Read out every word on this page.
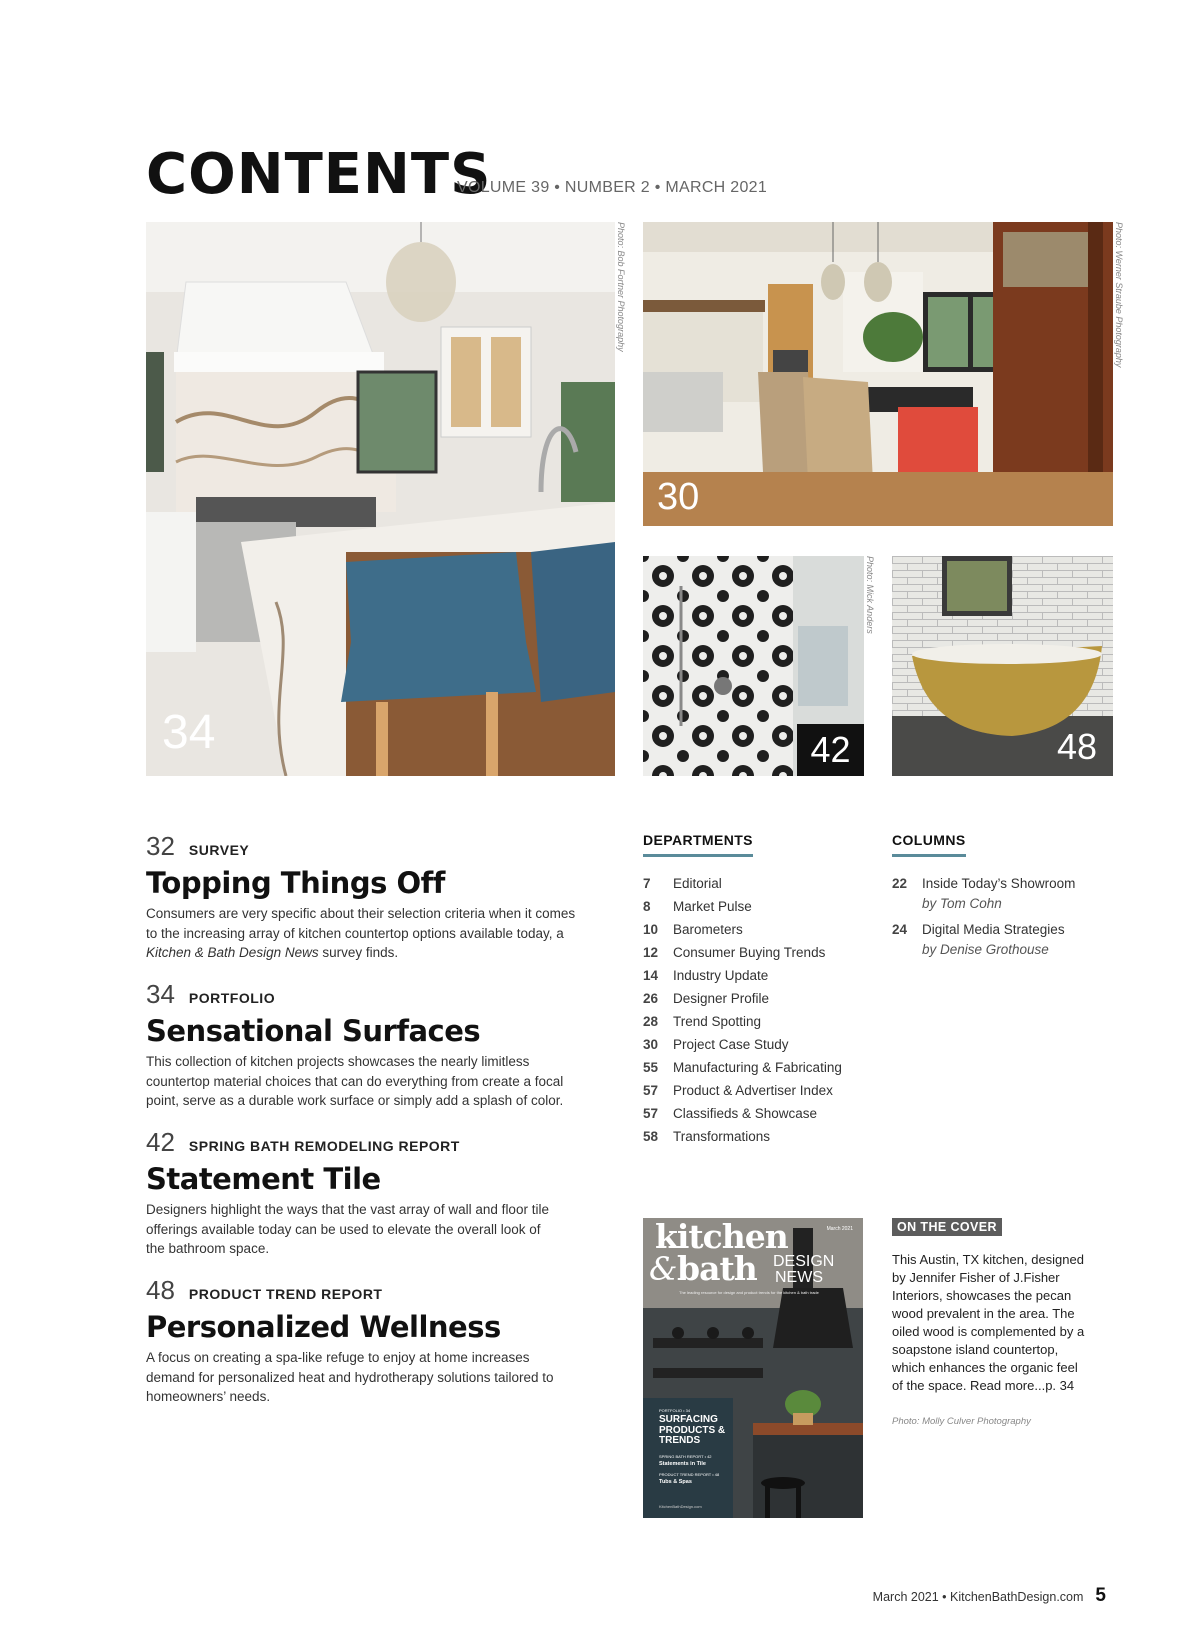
CONTENTS
VOLUME 39 • NUMBER 2 • MARCH 2021
34
Photo: Bob Fortner Photography
30
Photo: Werner Straube Photography
42
Photo: Mick Anders
48
32 SURVEY
Topping Things Off
Consumers are very specific about their selection criteria when it comes to the increasing array of kitchen countertop options available today, a Kitchen & Bath Design News survey finds.
34 PORTFOLIO
Sensational Surfaces
This collection of kitchen projects showcases the nearly limitless countertop material choices that can do everything from create a focal point, serve as a durable work surface or simply add a splash of color.
42 SPRING BATH REMODELING REPORT
Statement Tile
Designers highlight the ways that the vast array of wall and floor tile offerings available today can be used to elevate the overall look of the bathroom space.
48 PRODUCT TREND REPORT
Personalized Wellness
A focus on creating a spa-like refuge to enjoy at home increases demand for personalized heat and hydrotherapy solutions tailored to homeowners’ needs.
DEPARTMENTS
7	Editorial
8	Market Pulse
10	Barometers
12	Consumer Buying Trends
14	Industry Update
26	Designer Profile
28	Trend Spotting
30	Project Case Study
55	Manufacturing & Fabricating
57	Product & Advertiser Index
57	Classifieds & Showcase
58	Transformations
COLUMNS
22	Inside Today’s Showroom
by Tom Cohn
24	Digital Media Strategies
by Denise Grothouse
kitchen
& bath DESIGN
NEWS
March 2021
The leading resource for design and product trends for the kitchen & bath trade
PORTFOLIO • 34
SURFACING PRODUCTS & TRENDS
SPRING BATH REPORT • 42
Statements in Tile
PRODUCT TREND REPORT • 48
Tubs & Spas
KitchenBathDesign.com
ON THE COVER
This Austin, TX kitchen, designed by Jennifer Fisher of J.Fisher Interiors, showcases the pecan wood prevalent in the area. The oiled wood is complemented by a soapstone island countertop, which enhances the organic feel of the space. Read more...p. 34
Photo: Molly Culver Photography
March 2021 • KitchenBathDesign.com 5
